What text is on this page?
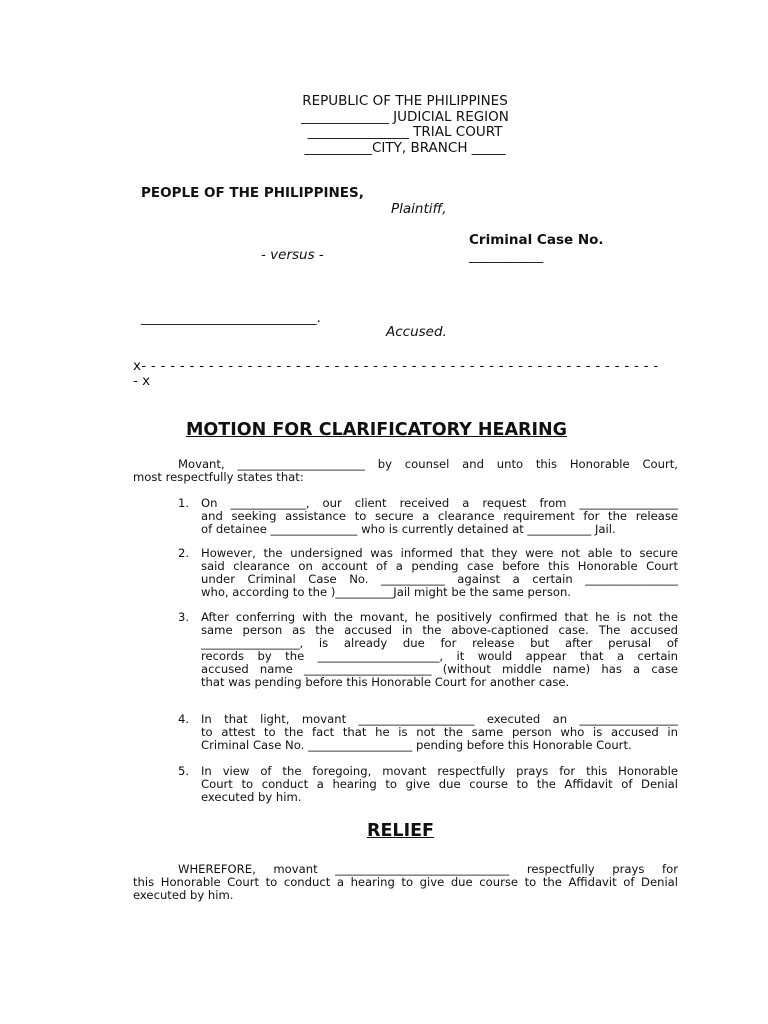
REPUBLIC OF THE PHILIPPINES
_____________ JUDICIAL REGION
_______________ TRIAL COURT
__________CITY, BRANCH _____
PEOPLE OF THE PHILIPPINES,
Plaintiff,
Criminal Case No.
___________
- versus -
__________________________.
Accused.
x- - - - - - - - - - - - - - - - - - - - - - - - - - - - - - - - - - - - - - - - - - - - - - - - - - - - - -
- x
MOTION FOR CLARIFICATORY HEARING
Movant, ______________________ by counsel and unto this Honorable Court,
most respectfully states that:
1.	On _____________, our client received a request from _________________
and seeking assistance to secure a clearance requirement for the release
of detainee _______________ who is currently detained at ___________ Jail.
2.	However, the undersigned was informed that they were not able to secure
said clearance on account of a pending case before this Honorable Court
under Criminal Case No. ___________ against a certain ________________
who, according to the )__________Jail might be the same person.
3.	After conferring with the movant, he positively confirmed that he is not the
same person as the accused in the above-captioned case. The accused
_________________, is already due for release but after perusal of
records by the _____________________, it would appear that a certain
accused name ______________________ (without middle name) has a case
that was pending before this Honorable Court for another case.
4.	In that light, movant ____________________ executed an _________________
to attest to the fact that he is not the same person who is accused in
Criminal Case No. __________________ pending before this Honorable Court.
5.	In view of the foregoing, movant respectfully prays for this Honorable
Court to conduct a hearing to give due course to the Affidavit of Denial
executed by him.
RELIEF
WHEREFORE, movant ______________________________ respectfully prays for
this Honorable Court to conduct a hearing to give due course to the Affidavit of Denial
executed by him.
